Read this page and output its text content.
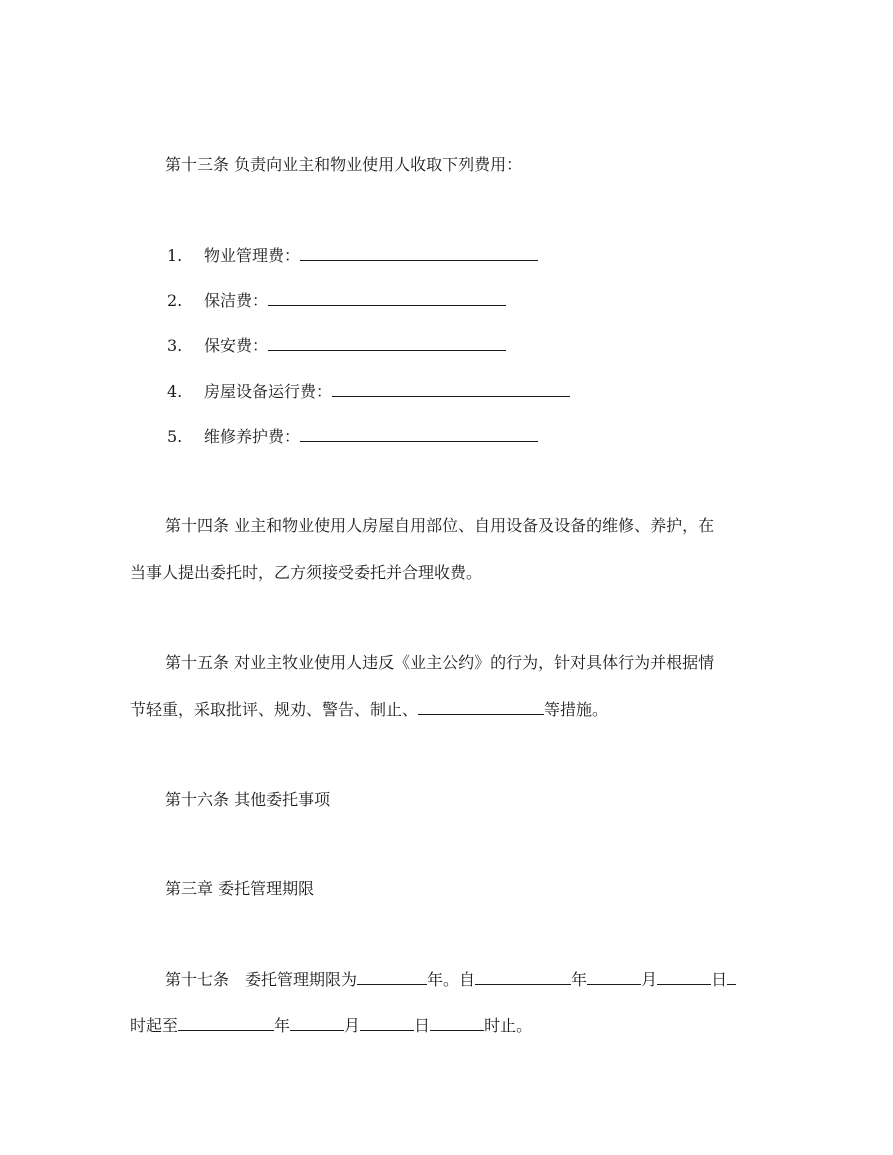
第十三条 负责向业主和物业使用人收取下列费用：
1. 物业管理费：
2. 保洁费：
3. 保安费：
4. 房屋设备运行费：
5. 维修养护费：
第十四条 业主和物业使用人房屋自用部位、自用设备及设备的维修、养护，在
当事人提出委托时，乙方须接受委托并合理收费。
第十五条 对业主牧业使用人违反《业主公约》的行为，针对具体行为并根据情
节轻重，采取批评、规劝、警告、制止、	等措施。
第十六条 其他委托事项
第三章 委托管理期限
第十七条　委托管理期限为	年。自	年	月	日
时起至	年	月	日	时止。
